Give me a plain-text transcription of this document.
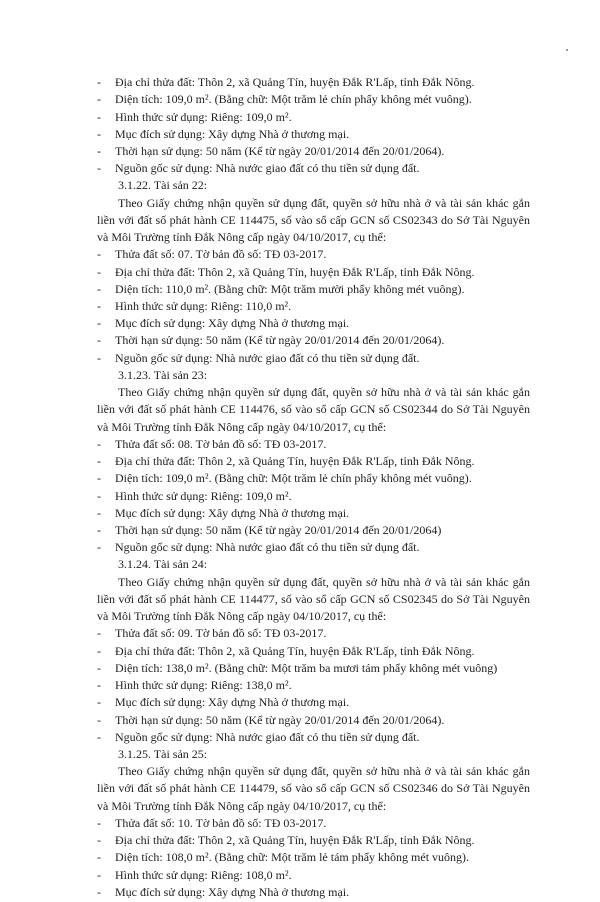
- Địa chỉ thửa đất: Thôn 2, xã Quảng Tín, huyện Đắk R'Lấp, tỉnh Đắk Nông.
- Diện tích: 109,0 m². (Bằng chữ: Một trăm lẻ chín phẩy không mét vuông).
- Hình thức sử dụng: Riêng: 109,0 m².
- Mục đích sử dụng: Xây dựng Nhà ở thương mại.
- Thời hạn sử dụng: 50 năm (Kể từ ngày 20/01/2014 đến 20/01/2064).
- Nguồn gốc sử dụng: Nhà nước giao đất có thu tiền sử dụng đất.
3.1.22. Tài sản 22:
Theo Giấy chứng nhận quyền sử dụng đất, quyền sở hữu nhà ở và tài sản khác gắn
liền với đất số phát hành CE 114475, số vào sổ cấp GCN số CS02343 do Sở Tài Nguyên
và Môi Trường tỉnh Đắk Nông cấp ngày 04/10/2017, cụ thể:
- Thửa đất số: 07. Tờ bản đồ số: TĐ 03-2017.
- Địa chỉ thửa đất: Thôn 2, xã Quảng Tín, huyện Đắk R'Lấp, tỉnh Đắk Nông.
- Diện tích: 110,0 m². (Bằng chữ: Một trăm mười phẩy không mét vuông).
- Hình thức sử dụng: Riêng: 110,0 m².
- Mục đích sử dụng: Xây dựng Nhà ở thương mại.
- Thời hạn sử dụng: 50 năm (Kể từ ngày 20/01/2014 đến 20/01/2064).
- Nguồn gốc sử dụng: Nhà nước giao đất có thu tiền sử dụng đất.
3.1.23. Tài sản 23:
Theo Giấy chứng nhận quyền sử dụng đất, quyền sở hữu nhà ở và tài sản khác gắn
liền với đất số phát hành CE 114476, số vào sổ cấp GCN số CS02344 do Sở Tài Nguyên
và Môi Trường tỉnh Đắk Nông cấp ngày 04/10/2017, cụ thể:
- Thửa đất số: 08. Tờ bản đồ số: TĐ 03-2017.
- Địa chỉ thửa đất: Thôn 2, xã Quảng Tín, huyện Đắk R'Lấp, tỉnh Đắk Nông.
- Diện tích: 109,0 m². (Bằng chữ: Một trăm lẻ chín phẩy không mét vuông).
- Hình thức sử dụng: Riêng: 109,0 m².
- Mục đích sử dụng: Xây dựng Nhà ở thương mại.
- Thời hạn sử dụng: 50 năm (Kể từ ngày 20/01/2014 đến 20/01/2064)
- Nguồn gốc sử dụng: Nhà nước giao đất có thu tiền sử dụng đất.
3.1.24. Tài sản 24:
Theo Giấy chứng nhận quyền sử dụng đất, quyền sở hữu nhà ở và tài sản khác gắn
liền với đất số phát hành CE 114477, số vào sổ cấp GCN số CS02345 do Sở Tài Nguyên
và Môi Trường tỉnh Đắk Nông cấp ngày 04/10/2017, cụ thể:
- Thửa đất số: 09. Tờ bản đồ số: TĐ 03-2017.
- Địa chỉ thửa đất: Thôn 2, xã Quảng Tín, huyện Đắk R'Lấp, tỉnh Đắk Nông.
- Diện tích: 138,0 m². (Bằng chữ: Một trăm ba mươi tám phẩy không mét vuông)
- Hình thức sử dụng: Riêng: 138,0 m².
- Mục đích sử dụng: Xây dựng Nhà ở thương mại.
- Thời hạn sử dụng: 50 năm (Kể từ ngày 20/01/2014 đến 20/01/2064).
- Nguồn gốc sử dụng: Nhà nước giao đất có thu tiền sử dụng đất.
3.1.25. Tài sản 25:
Theo Giấy chứng nhận quyền sử dụng đất, quyền sở hữu nhà ở và tài sản khác gắn
liền với đất số phát hành CE 114479, số vào sổ cấp GCN số CS02346 do Sở Tài Nguyên
và Môi Trường tỉnh Đắk Nông cấp ngày 04/10/2017, cụ thể:
- Thửa đất số: 10. Tờ bản đồ số: TĐ 03-2017.
- Địa chỉ thửa đất: Thôn 2, xã Quảng Tín, huyện Đắk R'Lấp, tỉnh Đắk Nông.
- Diện tích: 108,0 m². (Bằng chữ: Một trăm lẻ tám phẩy không mét vuông).
- Hình thức sử dụng: Riêng: 108,0 m².
- Mục đích sử dụng: Xây dựng Nhà ở thương mại.
